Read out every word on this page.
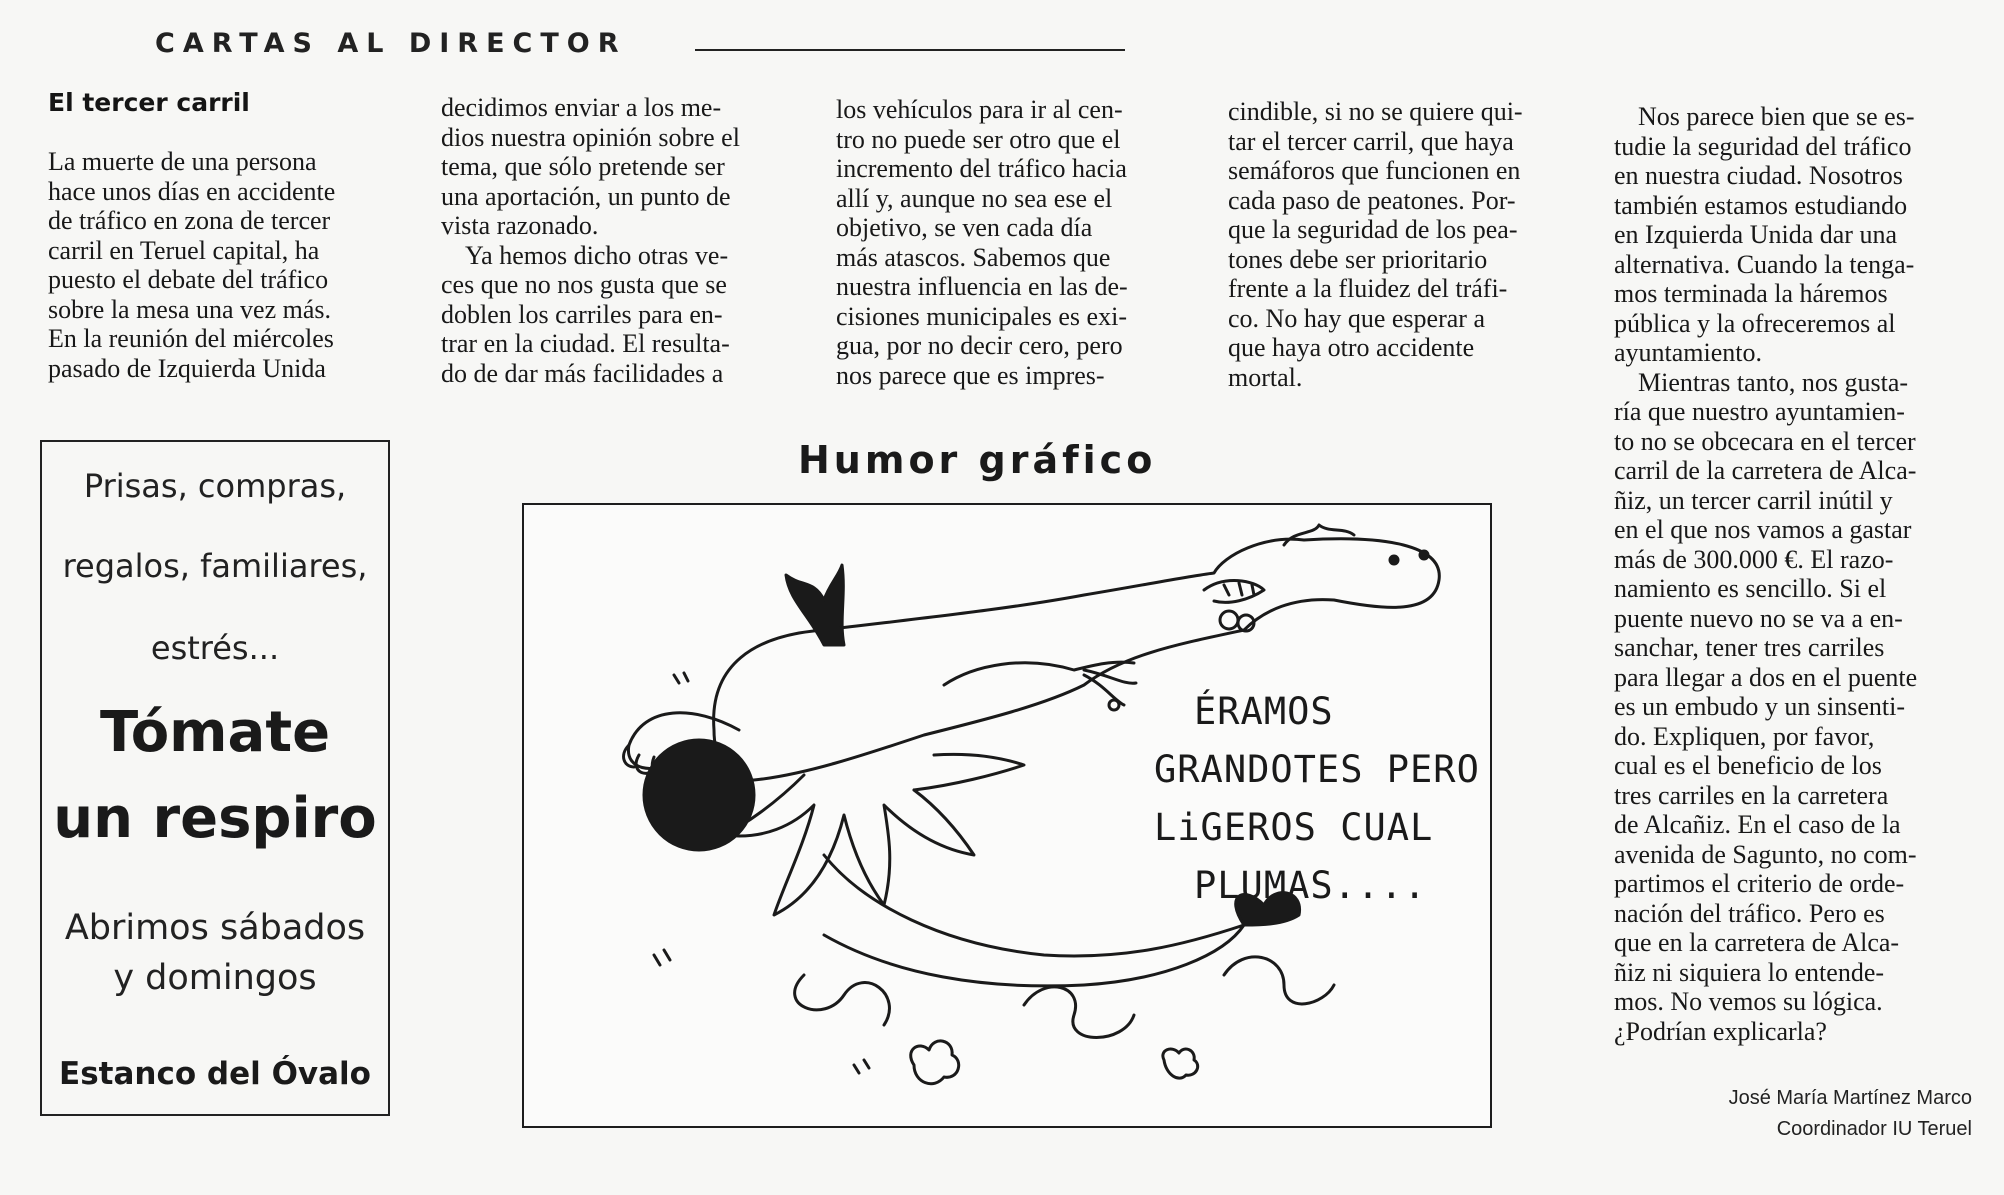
CARTAS AL DIRECTOR
El tercer carril

La muerte de una persona

hace unos días en accidente

de tráfico en zona de tercer

carril en Teruel capital, ha

puesto el debate del tráfico

sobre la mesa una vez más.

En la reunión del miércoles

pasado de Izquierda Unida

decidimos enviar a los me-

dios nuestra opinión sobre el

tema, que sólo pretende ser

una aportación, un punto de

vista razonado.

Ya hemos dicho otras ve-

ces que no nos gusta que se

doblen los carriles para en-

trar en la ciudad. El resulta-

do de dar más facilidades a

los vehículos para ir al cen-

tro no puede ser otro que el

incremento del tráfico hacia

allí y, aunque no sea ese el

objetivo, se ven cada día

más atascos. Sabemos que

nuestra influencia en las de-

cisiones municipales es exi-

gua, por no decir cero, pero

nos parece que es impres-

cindible, si no se quiere qui-

tar el tercer carril, que haya

semáforos que funcionen en

cada paso de peatones. Por-

que la seguridad de los pea-

tones debe ser prioritario

frente a la fluidez del tráfi-

co. No hay que esperar a

que haya otro accidente

mortal.

Nos parece bien que se es-

tudie la seguridad del tráfico

en nuestra ciudad. Nosotros

también estamos estudiando

en Izquierda Unida dar una

alternativa. Cuando la tenga-

mos terminada la háremos

pública y la ofreceremos al

ayuntamiento.

Mientras tanto, nos gusta-

ría que nuestro ayuntamien-

to no se obcecara en el tercer

carril de la carretera de Alca-

ñiz, un tercer carril inútil y

en el que nos vamos a gastar

más de 300.000 €. El razo-

namiento es sencillo. Si el

puente nuevo no se va a en-

sanchar, tener tres carriles

para llegar a dos en el puente

es un embudo y un sinsenti-

do. Expliquen, por favor,

cual es el beneficio de los

tres carriles en la carretera

de Alcañiz. En el caso de la

avenida de Sagunto, no com-

partimos el criterio de orde-

nación del tráfico. Pero es

que en la carretera de Alca-

ñiz ni siquiera lo entende-

mos. No vemos su lógica.

¿Podrían explicarla?

José María Martínez Marco
Coordinador IU Teruel
Prisas, compras,
regalos, familiares,
estrés...
Tómate
un respiro
Abrimos sábados
y domingos
Estanco del Óvalo
Humor gráfico

ÉRAMOS

GRANDOTES PERO

LiGEROS CUAL

PLUMAS....
